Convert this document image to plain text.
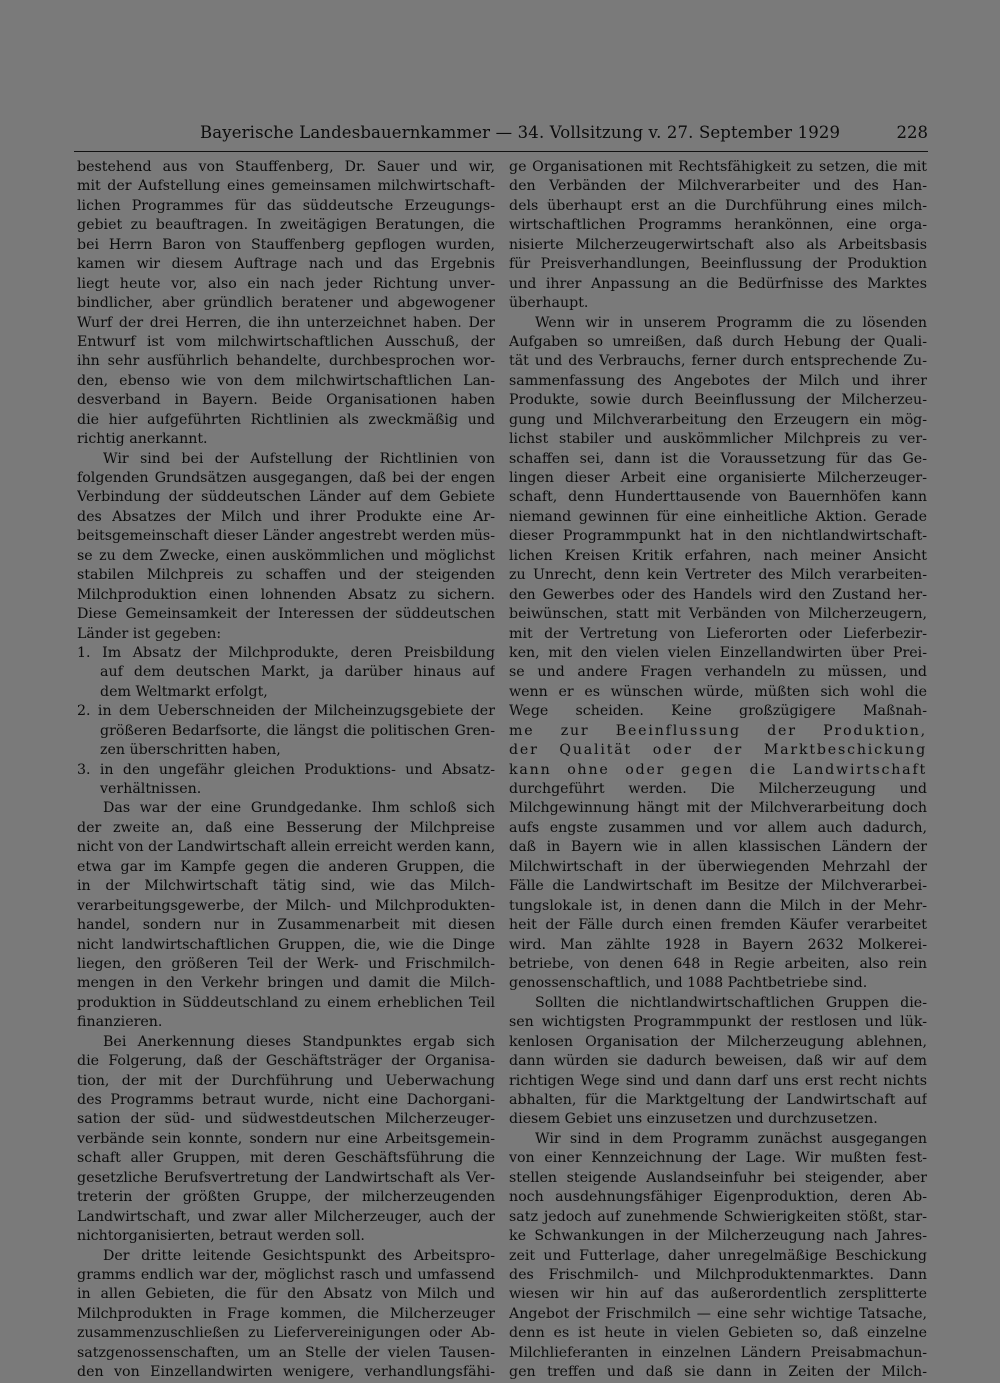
Bayerische Landesbauernkammer — 34. Vollsitzung v. 27. September 1929	228
bestehend aus von Stauffenberg, Dr. Sauer und wir,
mit der Aufstellung eines gemeinsamen milchwirtschaft-
lichen Programmes für das süddeutsche Erzeugungs-
gebiet zu beauftragen. In zweitägigen Beratungen, die
bei Herrn Baron von Stauffenberg gepflogen wurden,
kamen wir diesem Auftrage nach und das Ergebnis
liegt heute vor, also ein nach jeder Richtung unver-
bindlicher, aber gründlich beratener und abgewogener
Wurf der drei Herren, die ihn unterzeichnet haben. Der
Entwurf ist vom milchwirtschaftlichen Ausschuß, der
ihn sehr ausführlich behandelte, durchbesprochen wor-
den, ebenso wie von dem milchwirtschaftlichen Lan-
desverband in Bayern. Beide Organisationen haben
die hier aufgeführten Richtlinien als zweckmäßig und
richtig anerkannt.
Wir sind bei der Aufstellung der Richtlinien von
folgenden Grundsätzen ausgegangen, daß bei der engen
Verbindung der süddeutschen Länder auf dem Gebiete
des Absatzes der Milch und ihrer Produkte eine Ar-
beitsgemeinschaft dieser Länder angestrebt werden müs-
se zu dem Zwecke, einen auskömmlichen und möglichst
stabilen Milchpreis zu schaffen und der steigenden
Milchproduktion einen lohnenden Absatz zu sichern.
Diese Gemeinsamkeit der Interessen der süddeutschen
Länder ist gegeben:
1. Im Absatz der Milchprodukte, deren Preisbildung
auf dem deutschen Markt, ja darüber hinaus auf
dem Weltmarkt erfolgt,
2. in dem Ueberschneiden der Milcheinzugsgebiete der
größeren Bedarfsorte, die längst die politischen Gren-
zen überschritten haben,
3. in den ungefähr gleichen Produktions- und Absatz-
verhältnissen.
Das war der eine Grundgedanke. Ihm schloß sich
der zweite an, daß eine Besserung der Milchpreise
nicht von der Landwirtschaft allein erreicht werden kann,
etwa gar im Kampfe gegen die anderen Gruppen, die
in der Milchwirtschaft tätig sind, wie das Milch-
verarbeitungsgewerbe, der Milch- und Milchprodukten-
handel, sondern nur in Zusammenarbeit mit diesen
nicht landwirtschaftlichen Gruppen, die, wie die Dinge
liegen, den größeren Teil der Werk- und Frischmilch-
mengen in den Verkehr bringen und damit die Milch-
produktion in Süddeutschland zu einem erheblichen Teil
finanzieren.
Bei Anerkennung dieses Standpunktes ergab sich
die Folgerung, daß der Geschäftsträger der Organisa-
tion, der mit der Durchführung und Ueberwachung
des Programms betraut wurde, nicht eine Dachorgani-
sation der süd- und südwestdeutschen Milcherzeuger-
verbände sein konnte, sondern nur eine Arbeitsgemein-
schaft aller Gruppen, mit deren Geschäftsführung die
gesetzliche Berufsvertretung der Landwirtschaft als Ver-
treterin der größten Gruppe, der milcherzeugenden
Landwirtschaft, und zwar aller Milcherzeuger, auch der
nichtorganisierten, betraut werden soll.
Der dritte leitende Gesichtspunkt des Arbeitspro-
gramms endlich war der, möglichst rasch und umfassend
in allen Gebieten, die für den Absatz von Milch und
Milchprodukten in Frage kommen, die Milcherzeuger
zusammenzuschließen zu Liefervereinigungen oder Ab-
satzgenossenschaften, um an Stelle der vielen Tausen-
den von Einzellandwirten wenigere, verhandlungsfähi-
ge Organisationen mit Rechtsfähigkeit zu setzen, die mit
den Verbänden der Milchverarbeiter und des Han-
dels überhaupt erst an die Durchführung eines milch-
wirtschaftlichen Programms herankönnen, eine orga-
nisierte Milcherzeugerwirtschaft also als Arbeitsbasis
für Preisverhandlungen, Beeinflussung der Produktion
und ihrer Anpassung an die Bedürfnisse des Marktes
überhaupt.
Wenn wir in unserem Programm die zu lösenden
Aufgaben so umreißen, daß durch Hebung der Quali-
tät und des Verbrauchs, ferner durch entsprechende Zu-
sammenfassung des Angebotes der Milch und ihrer
Produkte, sowie durch Beeinflussung der Milcherzeu-
gung und Milchverarbeitung den Erzeugern ein mög-
lichst stabiler und auskömmlicher Milchpreis zu ver-
schaffen sei, dann ist die Voraussetzung für das Ge-
lingen dieser Arbeit eine organisierte Milcherzeuger-
schaft, denn Hunderttausende von Bauernhöfen kann
niemand gewinnen für eine einheitliche Aktion. Gerade
dieser Programmpunkt hat in den nichtlandwirtschaft-
lichen Kreisen Kritik erfahren, nach meiner Ansicht
zu Unrecht, denn kein Vertreter des Milch verarbeiten-
den Gewerbes oder des Handels wird den Zustand her-
beiwünschen, statt mit Verbänden von Milcherzeugern,
mit der Vertretung von Lieferorten oder Lieferbezir-
ken, mit den vielen vielen Einzellandwirten über Prei-
se und andere Fragen verhandeln zu müssen, und
wenn er es wünschen würde, müßten sich wohl die
Wege scheiden. Keine großzügigere Maßnah-
me zur Beeinflussung der Produktion,
der Qualität oder der Marktbeschickung
kann ohne oder gegen die Landwirtschaft
durchgeführt werden. Die Milcherzeugung und
Milchgewinnung hängt mit der Milchverarbeitung doch
aufs engste zusammen und vor allem auch dadurch,
daß in Bayern wie in allen klassischen Ländern der
Milchwirtschaft in der überwiegenden Mehrzahl der
Fälle die Landwirtschaft im Besitze der Milchverarbei-
tungslokale ist, in denen dann die Milch in der Mehr-
heit der Fälle durch einen fremden Käufer verarbeitet
wird. Man zählte 1928 in Bayern 2632 Molkerei-
betriebe, von denen 648 in Regie arbeiten, also rein
genossenschaftlich, und 1088 Pachtbetriebe sind.
Sollten die nichtlandwirtschaftlichen Gruppen die-
sen wichtigsten Programmpunkt der restlosen und lük-
kenlosen Organisation der Milcherzeugung ablehnen,
dann würden sie dadurch beweisen, daß wir auf dem
richtigen Wege sind und dann darf uns erst recht nichts
abhalten, für die Marktgeltung der Landwirtschaft auf
diesem Gebiet uns einzusetzen und durchzusetzen.
Wir sind in dem Programm zunächst ausgegangen
von einer Kennzeichnung der Lage. Wir mußten fest-
stellen steigende Auslandseinfuhr bei steigender, aber
noch ausdehnungsfähiger Eigenproduktion, deren Ab-
satz jedoch auf zunehmende Schwierigkeiten stößt, star-
ke Schwankungen in der Milcherzeugung nach Jahres-
zeit und Futterlage, daher unregelmäßige Beschickung
des Frischmilch- und Milchproduktenmarktes. Dann
wiesen wir hin auf das außerordentlich zersplitterte
Angebot der Frischmilch — eine sehr wichtige Tatsache,
denn es ist heute in vielen Gebieten so, daß einzelne
Milchlieferanten in einzelnen Ländern Preisabmachun-
gen treffen und daß sie dann in Zeiten der Milch-
